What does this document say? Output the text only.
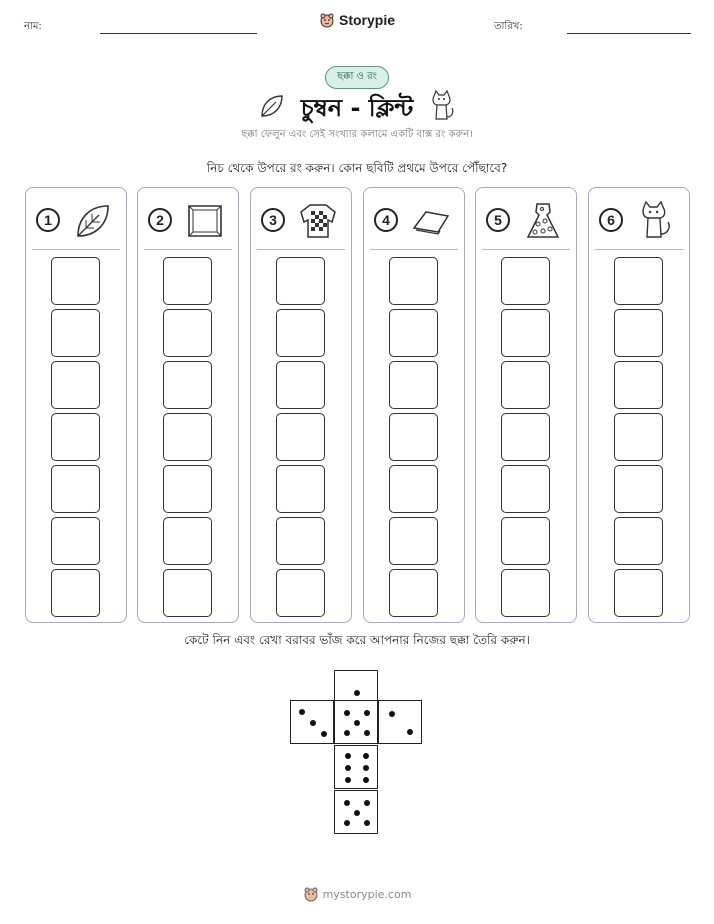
নাম:	Storypie	তারিখ:
ছক্কা ও রং
চুম্বন - ক্লিন্ট
ছক্কা ফেলুন এবং সেই সংখ্যার কলামে একটি বাক্স রং করুন।
নিচ থেকে উপরে রং করুন। কোন ছবিটি প্রথমে উপরে পৌঁছাবে?
1	2	3	4	5	6
কেটে নিন এবং রেখা বরাবর ভাঁজ করে আপনার নিজের ছক্কা তৈরি করুন।
mystorypie.com
